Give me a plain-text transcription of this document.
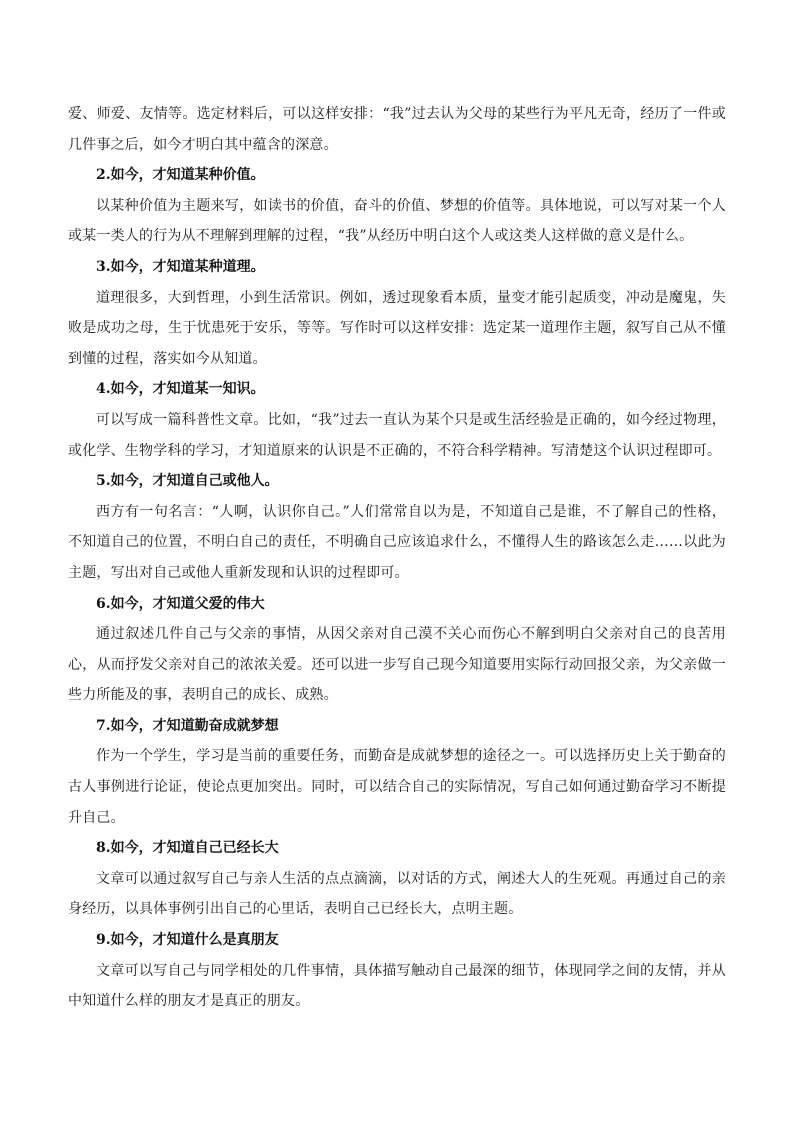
爱、师爱、友情等。选定材料后，可以这样安排：“我”过去认为父母的某些行为平凡无奇，经历了一件或几件事之后，如今才明白其中蕴含的深意。

2.如今，才知道某种价值。

以某种价值为主题来写，如读书的价值，奋斗的价值、梦想的价值等。具体地说，可以写对某一个人或某一类人的行为从不理解到理解的过程，“我”从经历中明白这个人或这类人这样做的意义是什么。

3.如今，才知道某种道理。

道理很多，大到哲理，小到生活常识。例如，透过现象看本质，量变才能引起质变，冲动是魔鬼，失败是成功之母，生于忧患死于安乐，等等。写作时可以这样安排：选定某一道理作主题，叙写自己从不懂到懂的过程，落实如今从知道。

4.如今，才知道某一知识。

可以写成一篇科普性文章。比如，“我”过去一直认为某个只是或生活经验是正确的，如今经过物理，或化学、生物学科的学习，才知道原来的认识是不正确的，不符合科学精神。写清楚这个认识过程即可。

5.如今，才知道自己或他人。

西方有一句名言：“人啊，认识你自己。”人们常常自以为是，不知道自己是谁，不了解自己的性格，不知道自己的位置，不明白自己的责任，不明确自己应该追求什么，不懂得人生的路该怎么走……以此为主题，写出对自己或他人重新发现和认识的过程即可。

6.如今，才知道父爱的伟大

通过叙述几件自己与父亲的事情，从因父亲对自己漠不关心而伤心不解到明白父亲对自己的良苦用心，从而抒发父亲对自己的浓浓关爱。还可以进一步写自己现今知道要用实际行动回报父亲，为父亲做一些力所能及的事，表明自己的成长、成熟。

7.如今，才知道勤奋成就梦想

作为一个学生，学习是当前的重要任务，而勤奋是成就梦想的途径之一。可以选择历史上关于勤奋的古人事例进行论证，使论点更加突出。同时，可以结合自己的实际情况，写自己如何通过勤奋学习不断提升自己。

8.如今，才知道自己已经长大

文章可以通过叙写自己与亲人生活的点点滴滴，以对话的方式，阐述大人的生死观。再通过自己的亲身经历，以具体事例引出自己的心里话，表明自己已经长大，点明主题。

9.如今，才知道什么是真朋友

文章可以写自己与同学相处的几件事情，具体描写触动自己最深的细节，体现同学之间的友情，并从中知道什么样的朋友才是真正的朋友。
